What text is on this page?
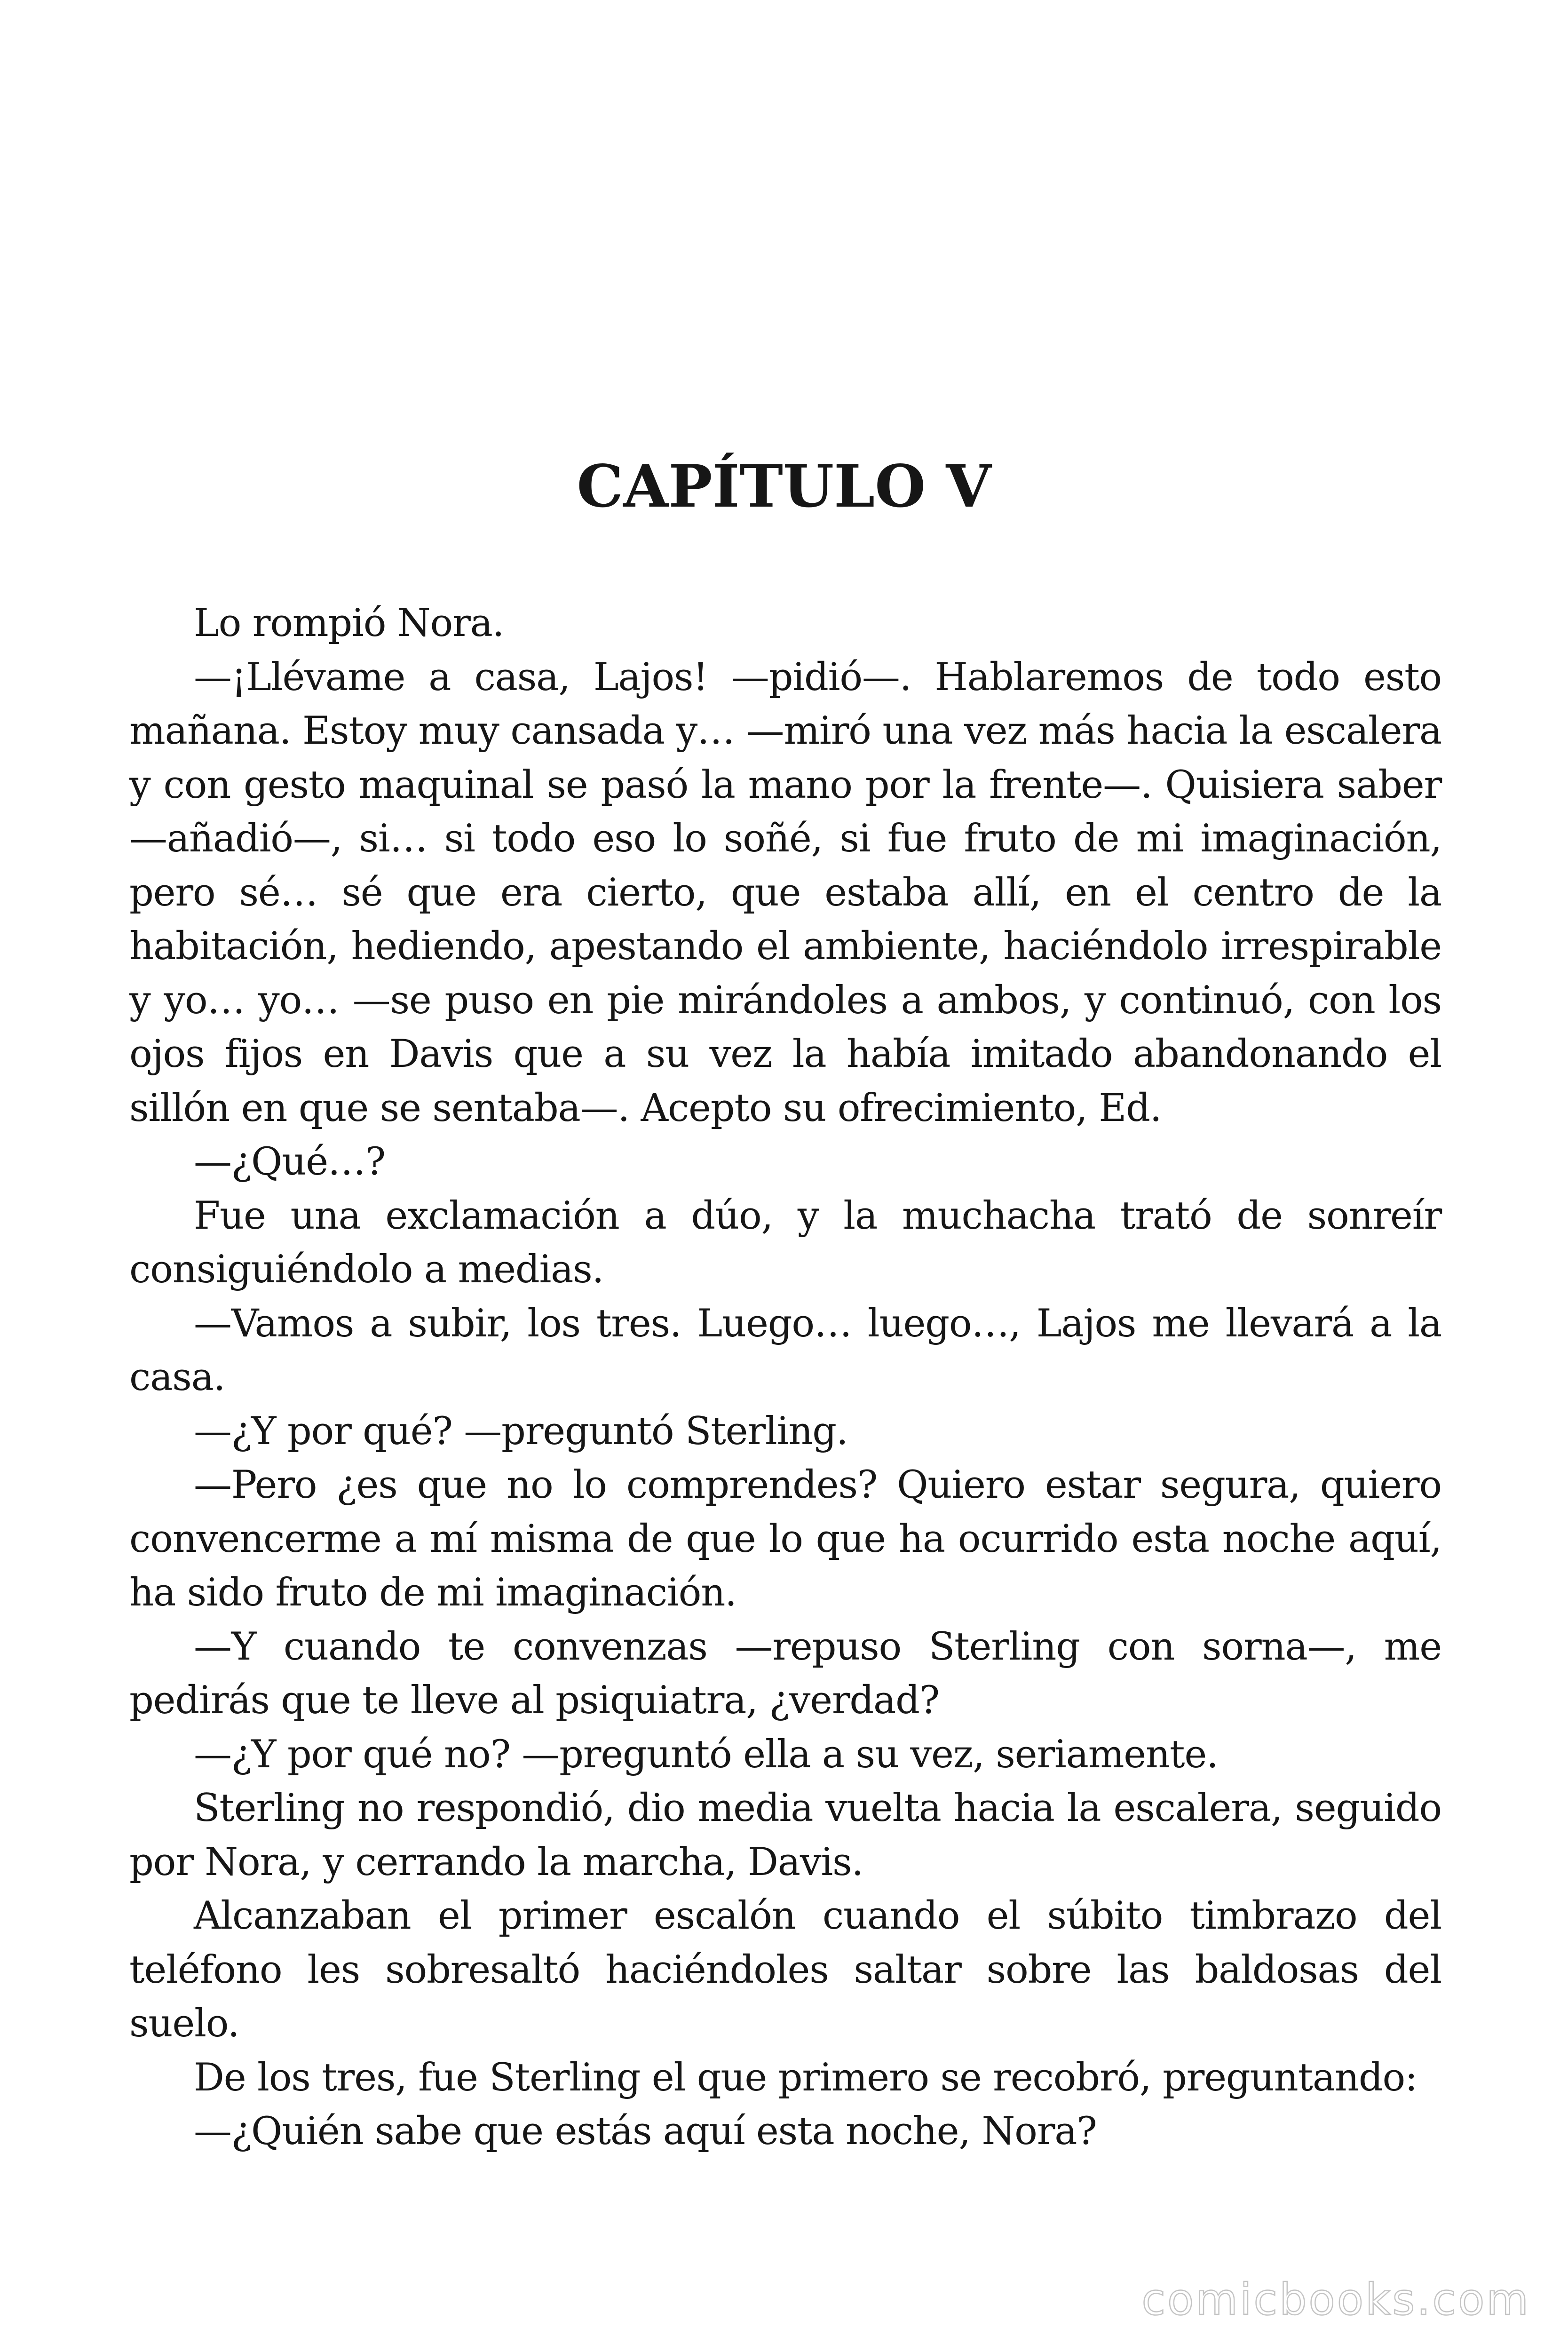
CAPÍTULO V

Lo rompió Nora.

—¡Llévame a casa, Lajos! —pidió—. Hablaremos de todo esto mañana. Estoy muy cansada y… —miró una vez más hacia la escalera y con gesto maquinal se pasó la mano por la frente—. Quisiera saber —añadió—, si… si todo eso lo soñé, si fue fruto de mi imaginación, pero sé… sé que era cierto, que estaba allí, en el centro de la habitación, hediendo, apestando el ambiente, haciéndolo irrespirable y yo… yo… —se puso en pie mirándoles a ambos, y continuó, con los ojos fijos en Davis que a su vez la había imitado abandonando el sillón en que se sentaba—. Acepto su ofrecimiento, Ed.

—¿Qué…?

Fue una exclamación a dúo, y la muchacha trató de sonreír consiguiéndolo a medias.

—Vamos a subir, los tres. Luego… luego…, Lajos me llevará a la casa.

—¿Y por qué? —preguntó Sterling.

—Pero ¿es que no lo comprendes? Quiero estar segura, quiero convencerme a mí misma de que lo que ha ocurrido esta noche aquí, ha sido fruto de mi imaginación.

—Y cuando te convenzas —repuso Sterling con sorna—, me pedirás que te lleve al psiquiatra, ¿verdad?

—¿Y por qué no? —preguntó ella a su vez, seriamente.

Sterling no respondió, dio media vuelta hacia la escalera, seguido por Nora, y cerrando la marcha, Davis.

Alcanzaban el primer escalón cuando el súbito timbrazo del teléfono les sobresaltó haciéndoles saltar sobre las baldosas del suelo.

De los tres, fue Sterling el que primero se recobró, preguntando:

—¿Quién sabe que estás aquí esta noche, Nora?

comicbooks.com
